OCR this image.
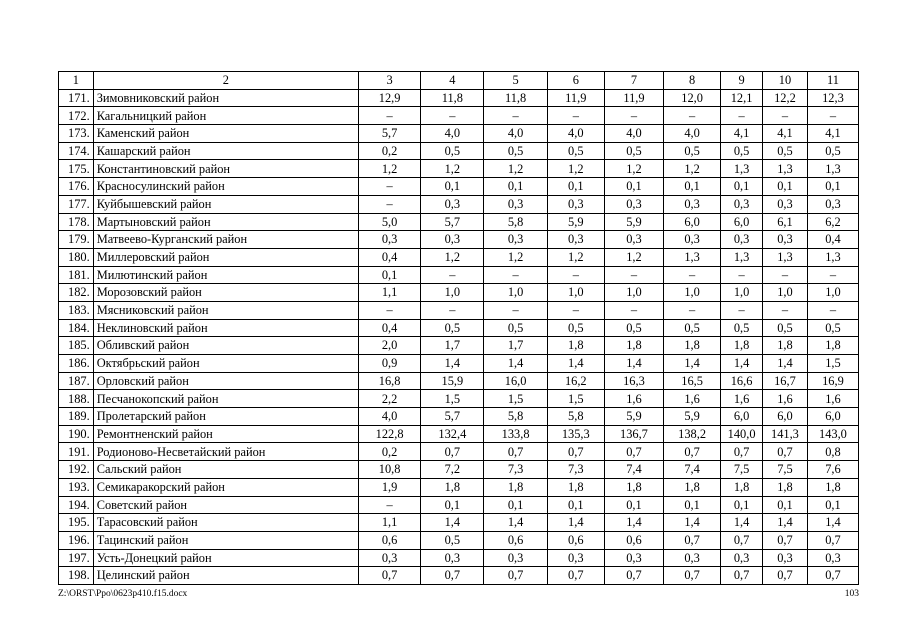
1	2	3	4	5	6	7	8	9	10	11
171.	Зимовниковский район	12,9	11,8	11,8	11,9	11,9	12,0	12,1	12,2	12,3
172.	Кагальницкий район	–	–	–	–	–	–	–	–	–
173.	Каменский район	5,7	4,0	4,0	4,0	4,0	4,0	4,1	4,1	4,1
174.	Кашарский район	0,2	0,5	0,5	0,5	0,5	0,5	0,5	0,5	0,5
175.	Константиновский район	1,2	1,2	1,2	1,2	1,2	1,2	1,3	1,3	1,3
176.	Красносулинский район	–	0,1	0,1	0,1	0,1	0,1	0,1	0,1	0,1
177.	Куйбышевский район	–	0,3	0,3	0,3	0,3	0,3	0,3	0,3	0,3
178.	Мартыновский район	5,0	5,7	5,8	5,9	5,9	6,0	6,0	6,1	6,2
179.	Матвеево-Курганский район	0,3	0,3	0,3	0,3	0,3	0,3	0,3	0,3	0,4
180.	Миллеровский район	0,4	1,2	1,2	1,2	1,2	1,3	1,3	1,3	1,3
181.	Милютинский район	0,1	–	–	–	–	–	–	–	–
182.	Морозовский район	1,1	1,0	1,0	1,0	1,0	1,0	1,0	1,0	1,0
183.	Мясниковский район	–	–	–	–	–	–	–	–	–
184.	Неклиновский район	0,4	0,5	0,5	0,5	0,5	0,5	0,5	0,5	0,5
185.	Обливский район	2,0	1,7	1,7	1,8	1,8	1,8	1,8	1,8	1,8
186.	Октябрьский район	0,9	1,4	1,4	1,4	1,4	1,4	1,4	1,4	1,5
187.	Орловский район	16,8	15,9	16,0	16,2	16,3	16,5	16,6	16,7	16,9
188.	Песчанокопский район	2,2	1,5	1,5	1,5	1,6	1,6	1,6	1,6	1,6
189.	Пролетарский район	4,0	5,7	5,8	5,8	5,9	5,9	6,0	6,0	6,0
190.	Ремонтненский район	122,8	132,4	133,8	135,3	136,7	138,2	140,0	141,3	143,0
191.	Родионово-Несветайский район	0,2	0,7	0,7	0,7	0,7	0,7	0,7	0,7	0,8
192.	Сальский район	10,8	7,2	7,3	7,3	7,4	7,4	7,5	7,5	7,6
193.	Семикаракорский район	1,9	1,8	1,8	1,8	1,8	1,8	1,8	1,8	1,8
194.	Советский район	–	0,1	0,1	0,1	0,1	0,1	0,1	0,1	0,1
195.	Тарасовский район	1,1	1,4	1,4	1,4	1,4	1,4	1,4	1,4	1,4
196.	Тацинский район	0,6	0,5	0,6	0,6	0,6	0,7	0,7	0,7	0,7
197.	Усть-Донецкий район	0,3	0,3	0,3	0,3	0,3	0,3	0,3	0,3	0,3
198.	Целинский район	0,7	0,7	0,7	0,7	0,7	0,7	0,7	0,7	0,7
Z:\ORST\Ppo\0623p410.f15.docx	103
